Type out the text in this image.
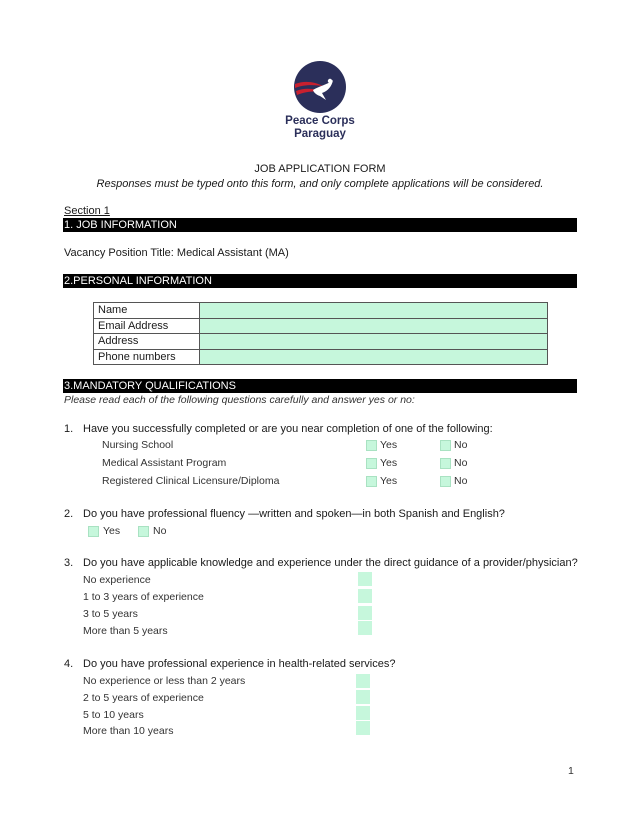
Peace Corps
Paraguay
JOB APPLICATION FORM
Responses must be typed onto this form, and only complete applications will be considered.
Section 1
1. JOB INFORMATION
Vacancy Position Title: Medical Assistant (MA)
2.PERSONAL INFORMATION
Name	
Email Address	
Address	
Phone numbers	
3.MANDATORY QUALIFICATIONS
Please read each of the following questions carefully and answer yes or no:
1. Have you successfully completed or are you near completion of one of the following:
Nursing School	Yes	No
Medical Assistant Program	Yes	No
Registered Clinical Licensure/Diploma	Yes	No
2. Do you have professional fluency —written and spoken—in both Spanish and English?
Yes	No
3. Do you have applicable knowledge and experience under the direct guidance of a provider/physician?
No experience
1 to 3 years of experience
3 to 5 years
More than 5 years
4. Do you have professional experience in health-related services?
No experience or less than 2 years
2 to 5 years of experience
5 to 10 years
More than 10 years
1
